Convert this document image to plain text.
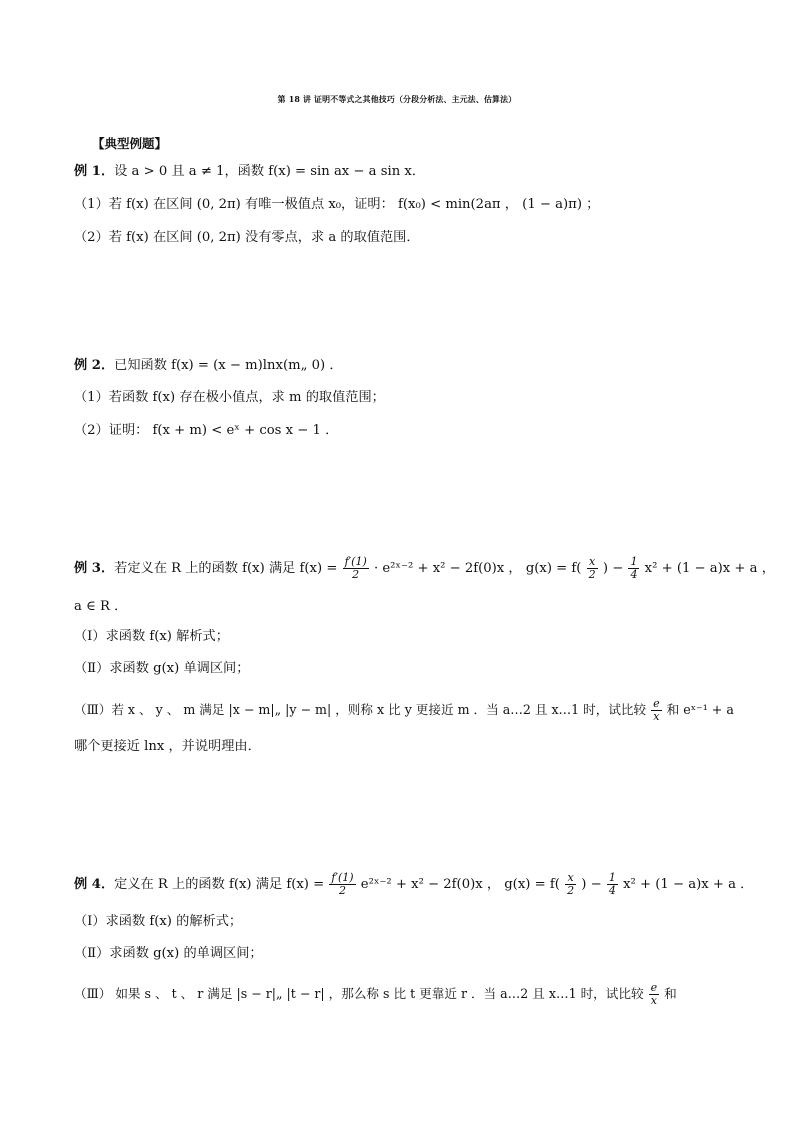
第 18 讲 证明不等式之其他技巧（分段分析法、主元法、估算法）
【典型例题】
例 1．设 a > 0 且 a ≠ 1，函数 f(x) = sin ax − a sin x．
（1）若 f(x) 在区间 (0, 2π) 有唯一极值点 x₀，证明： f(x₀) < min(2aπ ， (1 − a)π) ；
（2）若 f(x) 在区间 (0, 2π) 没有零点，求 a 的取值范围．
例 2．已知函数 f(x) = (x − m)lnx(m„ 0) ．
（1）若函数 f(x) 存在极小值点，求 m 的取值范围；
（2）证明： f(x + m) < eˣ + cos x − 1 ．
例 3．若定义在 R 上的函数 f(x) 满足 $f(x) = \frac{f'(1)}{2}$ · e²ˣ⁻² + x² − 2f(0)x ， $g(x) = f( \frac{x}{2}$ ) − $\frac{1}{4} x^2 + (1 - a)x + a$ ，
a ∈ R ．
（Ⅰ）求函数 f(x) 解析式；
（Ⅱ）求函数 g(x) 单调区间；
（Ⅲ）若 x 、 y 、 m 满足 |x − m|„ |y − m| ，则称 x 比 y 更接近 m ．当 a…2 且 x…1 时，试比较 $\frac{e}{x}$ 和 eˣ⁻¹ + a
哪个更接近 lnx ，并说明理由．
例 4．定义在 R 上的函数 f(x) 满足 $f(x) = \frac{f'(1)}{2}$ e²ˣ⁻² + x² − 2f(0)x ， $g(x) = f( \frac{x}{2}$ ) − $\frac{1}{4} x^2 + (1 - a)x + a$ ．
（Ⅰ）求函数 f(x) 的解析式；
（Ⅱ）求函数 g(x) 的单调区间；
（Ⅲ） 如果 s 、 t 、 r 满足 |s − r|„ |t − r| ，那么称 s 比 t 更靠近 r ．当 a…2 且 x…1 时，试比较 $\frac{e}{x}$ 和
